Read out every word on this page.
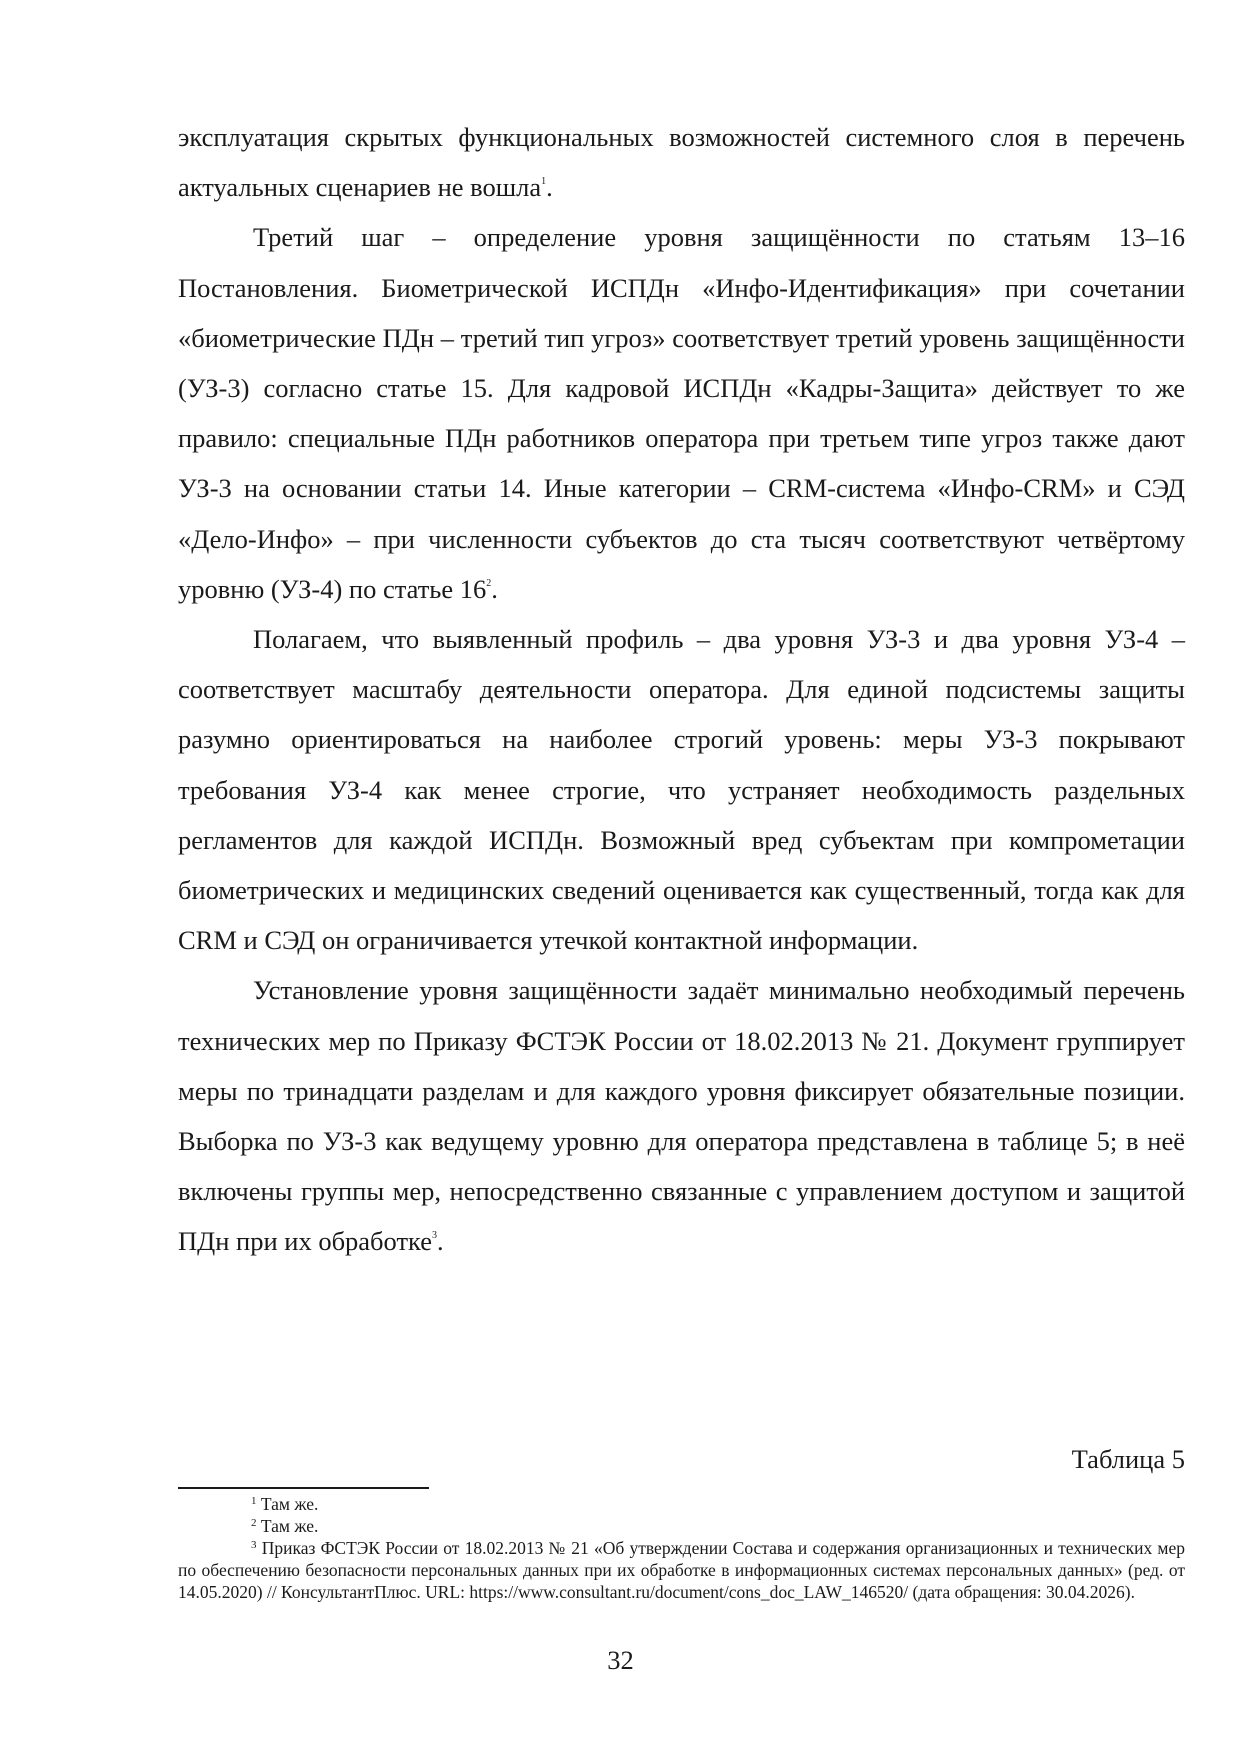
эксплуатация скрытых функциональных возможностей системного слоя в перечень актуальных сценариев не вошла$^1$.

Третий шаг – определение уровня защищённости по статьям 13–16 Постановления. Биометрической ИСПДн «Инфо-Идентификация» при сочетании «биометрические ПДн – третий тип угроз» соответствует третий уровень защищённости (УЗ-3) согласно статье 15. Для кадровой ИСПДн «Кадры-Защита» действует то же правило: специальные ПДн работников оператора при третьем типе угроз также дают УЗ-3 на основании статьи 14. Иные категории – CRM-система «Инфо-CRM» и СЭД «Дело-Инфо» – при численности субъектов до ста тысяч соответствуют четвёртому уровню (УЗ-4) по статье 16$^2$.

Полагаем, что выявленный профиль – два уровня УЗ-3 и два уровня УЗ-4 – соответствует масштабу деятельности оператора. Для единой подсистемы защиты разумно ориентироваться на наиболее строгий уровень: меры УЗ-3 покрывают требования УЗ-4 как менее строгие, что устраняет необходимость раздельных регламентов для каждой ИСПДн. Возможный вред субъектам при компрометации биометрических и медицинских сведений оценивается как существенный, тогда как для CRM и СЭД он ограничивается утечкой контактной информации.

Установление уровня защищённости задаёт минимально необходимый перечень технических мер по Приказу ФСТЭК России от 18.02.2013 № 21. Документ группирует меры по тринадцати разделам и для каждого уровня фиксирует обязательные позиции. Выборка по УЗ-3 как ведущему уровню для оператора представлена в таблице 5; в неё включены группы мер, непосредственно связанные с управлением доступом и защитой ПДн при их обработке$^3$.

Таблица 5

$^1$ Там же.

$^2$ Там же.

$^3$ Приказ ФСТЭК России от 18.02.2013 № 21 «Об утверждении Состава и содержания организационных и технических мер по обеспечению безопасности персональных данных при их обработке в информационных системах персональных данных» (ред. от 14.05.2020) // КонсультантПлюс. URL: https://www.consultant.ru/document/cons_doc_LAW_146520/ (дата обращения: 30.04.2026).

32
